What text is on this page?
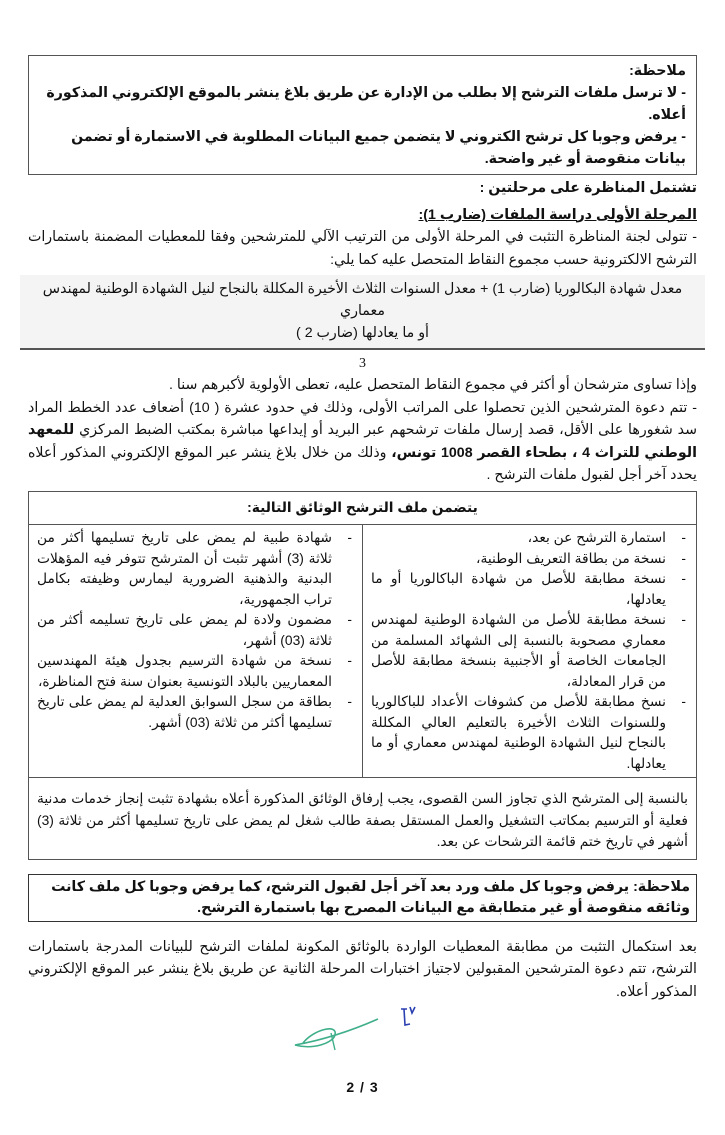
ملاحظة:
- لا ترسل ملفات الترشح إلا بطلب من الإدارة عن طريق بلاغ ينشر بالموقع الإلكتروني المذكورة أعلاه.
- يرفض وجوبا كل ترشح الكتروني لا يتضمن جميع البيانات المطلوبة في الاستمارة أو تضمن بيانات منقوصة أو غير واضحة.

تشتمل المناظرة على مرحلتين :

المرحلة الأولى دراسة الملفات (ضارب 1):

- تتولى لجنة المناظرة التثبت في المرحلة الأولى من الترتيب الآلي للمترشحين وفقا للمعطيات المضمنة باستمارات الترشح الالكترونية حسب مجموع النقاط المتحصل عليه كما يلي:

معدل شهادة البكالوريا (ضارب 1) + معدل السنوات الثلاث الأخيرة المكللة بالنجاح لنيل الشهادة الوطنية لمهندس معماري
أو ما يعادلها (ضارب 2 )
3

وإذا تساوى مترشحان أو أكثر في مجموع النقاط المتحصل عليه، تعطى الأولوية لأكبرهم سنا .

- تتم دعوة المترشحين الذين تحصلوا على المراتب الأولى، وذلك في حدود عشرة ( 10) أضعاف عدد الخطط المراد سد شغورها على الأقل، قصد إرسال ملفات ترشحهم عبر البريد أو إيداعها مباشرة بمكتب الضبط المركزي للمعهد الوطني للتراث 4 ، بطحاء القصر 1008 تونس، وذلك من خلال بلاغ ينشر عبر الموقع الإلكتروني المذكور أعلاه يحدد آخر أجل لقبول ملفات الترشح .

يتضمن ملف الترشح الوثائق التالية:

-
استمارة الترشح عن بعد،
-
نسخة من بطاقة التعريف الوطنية،
-
نسخة مطابقة للأصل من شهادة الباكالوريا أو ما يعادلها،
-
نسخة مطابقة للأصل من الشهادة الوطنية لمهندس معماري مصحوبة بالنسبة إلى الشهائد المسلمة من الجامعات الخاصة أو الأجنبية بنسخة مطابقة للأصل من قرار المعادلة،
-
نسخ مطابقة للأصل من كشوفات الأعداد للباكالوريا وللسنوات الثلاث الأخيرة بالتعليم العالي المكللة بالنجاح لنيل الشهادة الوطنية لمهندس معماري أو ما يعادلها.

-
شهادة طبية لم يمض على تاريخ تسليمها أكثر من ثلاثة (3) أشهر تثبت أن المترشح تتوفر فيه المؤهلات البدنية والذهنية الضرورية ليمارس وظيفته بكامل تراب الجمهورية،
-
مضمون ولادة لم يمض على تاريخ تسليمه أكثر من ثلاثة (03) أشهر،
-
نسخة من شهادة الترسيم بجدول هيئة المهندسين المعماريين بالبلاد التونسية بعنوان سنة فتح المناظرة،
-
بطاقة من سجل السوابق العدلية لم يمض على تاريخ تسليمها أكثر من ثلاثة (03) أشهر.

بالنسبة إلى المترشح الذي تجاوز السن القصوى، يجب إرفاق الوثائق المذكورة أعلاه بشهادة تثبت إنجاز خدمات مدنية فعلية أو الترسيم بمكاتب التشغيل والعمل المستقل بصفة طالب شغل لم يمض على تاريخ تسليمها أكثر من ثلاثة (3) أشهر في تاريخ ختم قائمة الترشحات عن بعد.
ملاحظة: يرفض وجوبا كل ملف ورد بعد آخر أجل لقبول الترشح، كما يرفض وجوبا كل ملف كانت وثائقه منقوصة أو غير متطابقة مع البيانات المصرح بها باستمارة الترشح.

بعد استكمال التثبت من مطابقة المعطيات الواردة بالوثائق المكونة لملفات الترشح للبيانات المدرجة باستمارات الترشح، تتم دعوة المترشحين المقبولين لاجتياز اختبارات المرحلة الثانية عن طريق بلاغ ينشر عبر الموقع الإلكتروني المذكور أعلاه.

2 / 3
